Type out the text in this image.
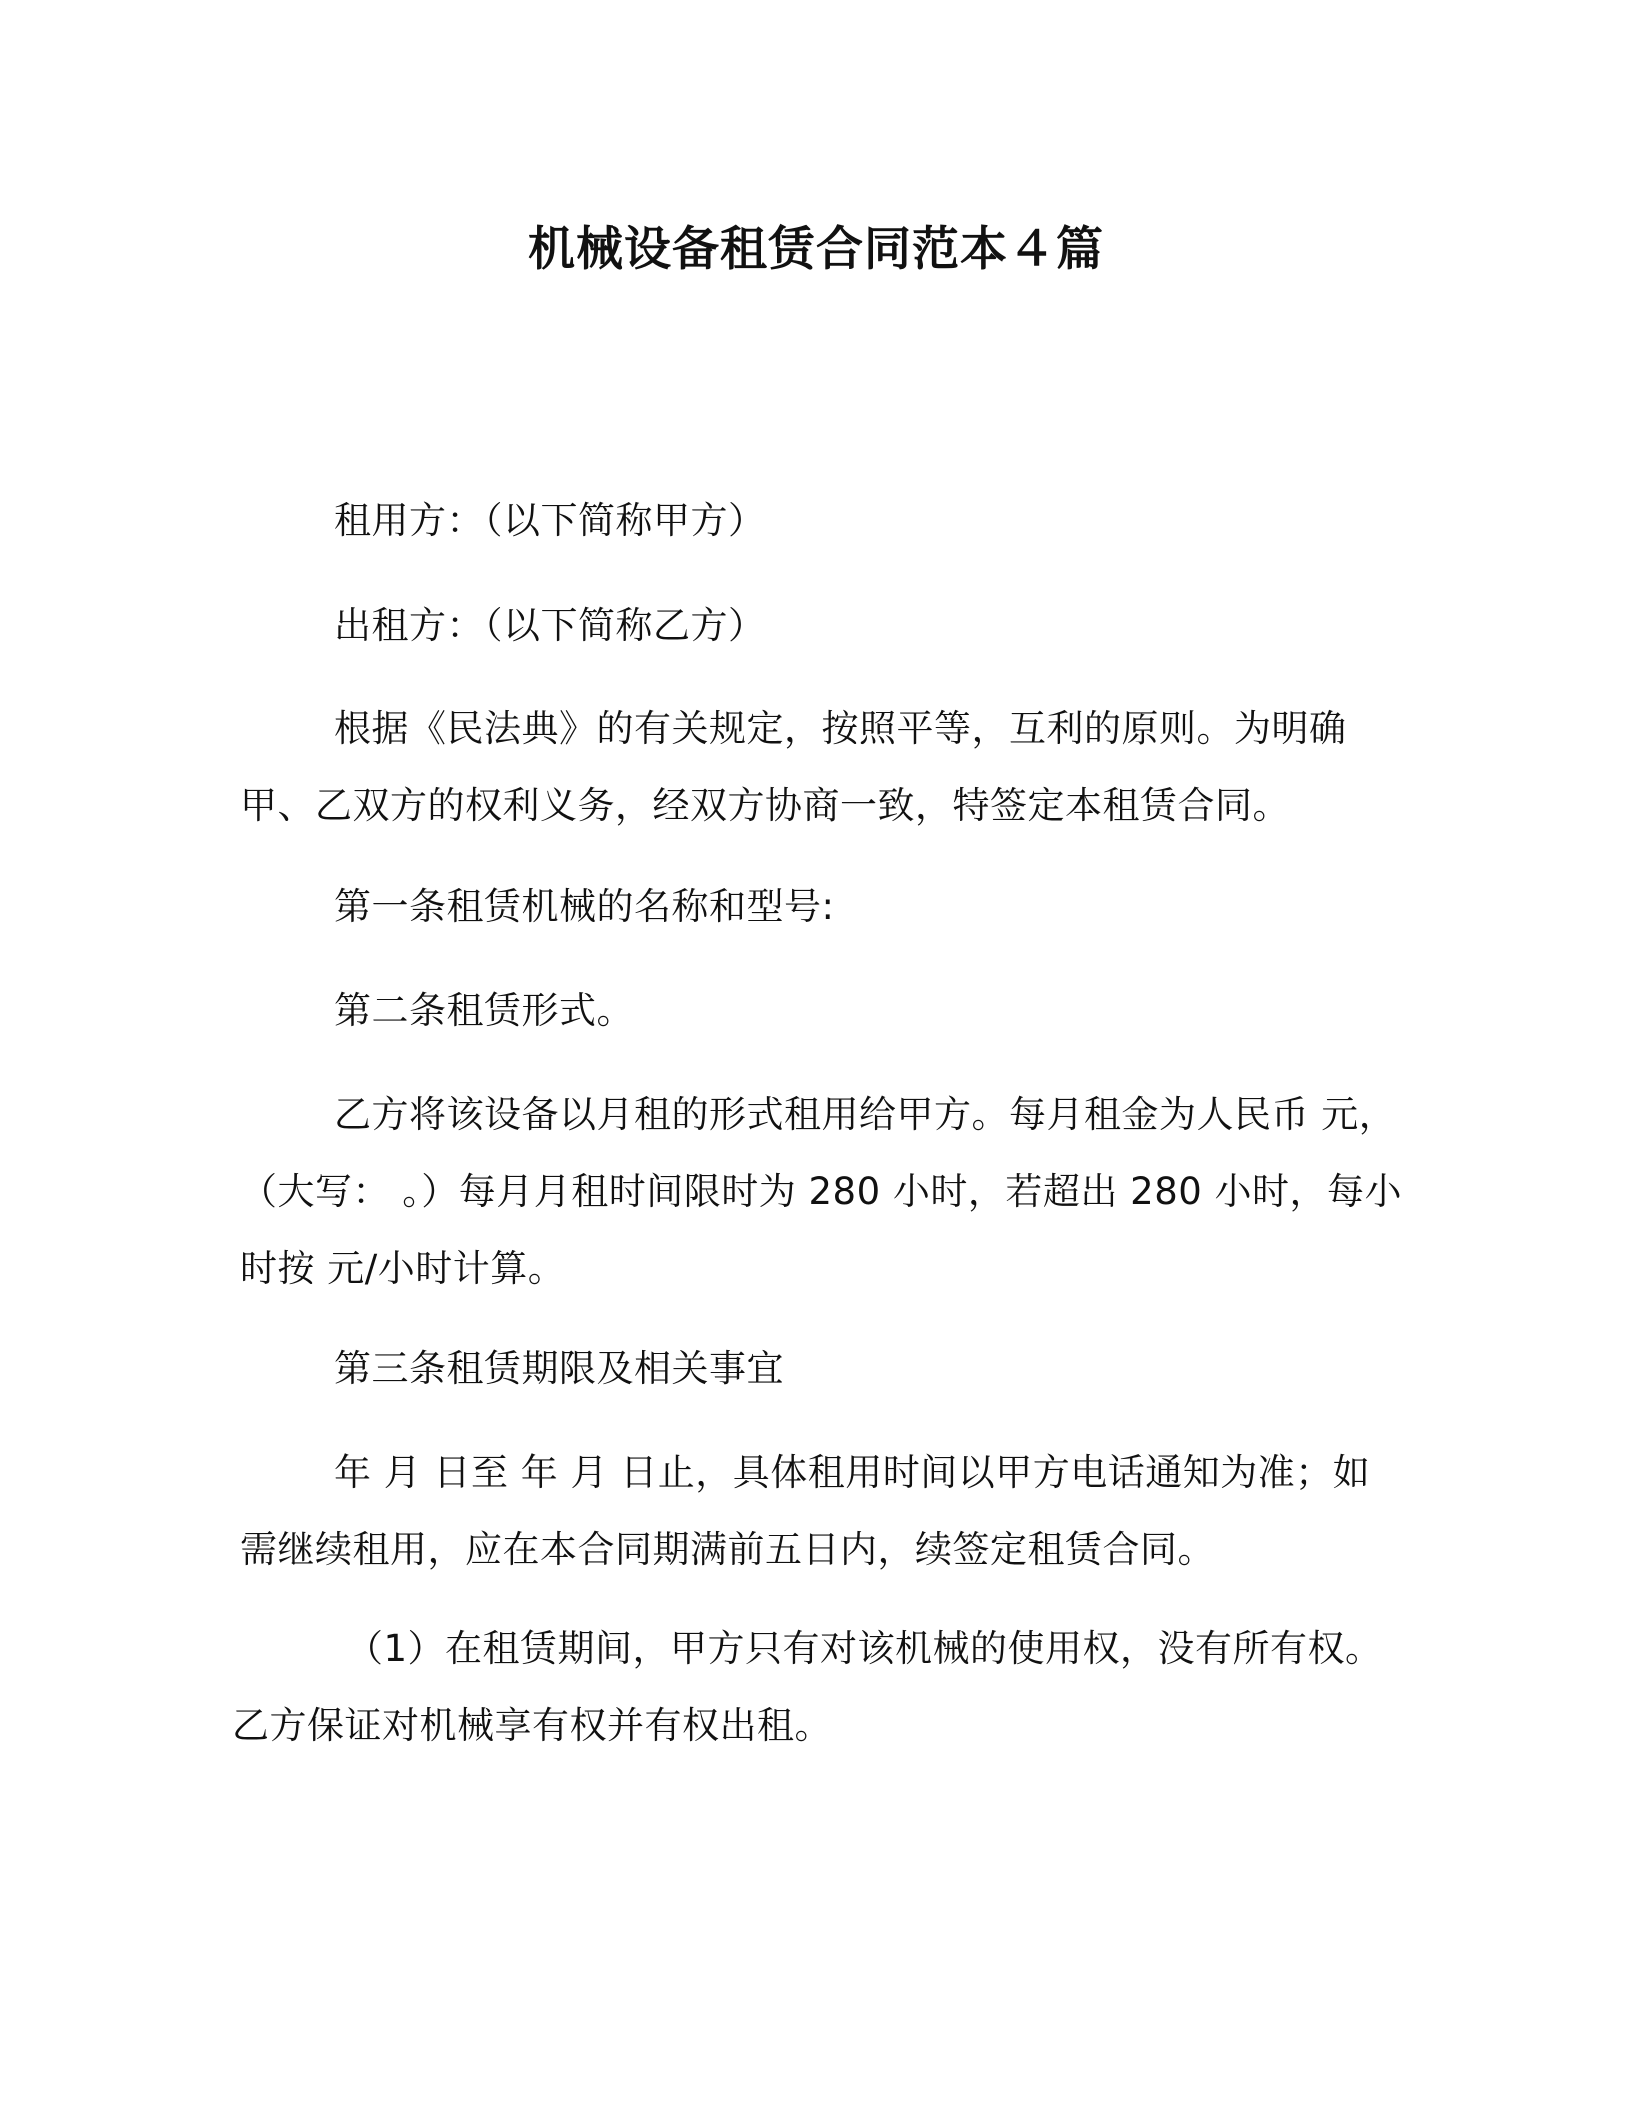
机械设备租赁合同范本４篇

租用方：（以下简称甲方）

出租方：（以下简称乙方）

根据《民法典》的有关规定，按照平等，互利的原则。为明确甲、乙双方的权利义务，经双方协商一致，特签定本租赁合同。

第一条租赁机械的名称和型号:

第二条租赁形式。

乙方将该设备以月租的形式租用给甲方。每月租金为人民币 元，（大写： 。）每月月租时间限时为 280 小时，若超出 280 小时，每小时按 元/小时计算。

第三条租赁期限及相关事宜

年 月 日至 年 月 日止，具体租用时间以甲方电话通知为准；如需继续租用，应在本合同期满前五日内，续签定租赁合同。

（1）在租赁期间，甲方只有对该机械的使用权，没有所有权。乙方保证对机械享有权并有权出租。
